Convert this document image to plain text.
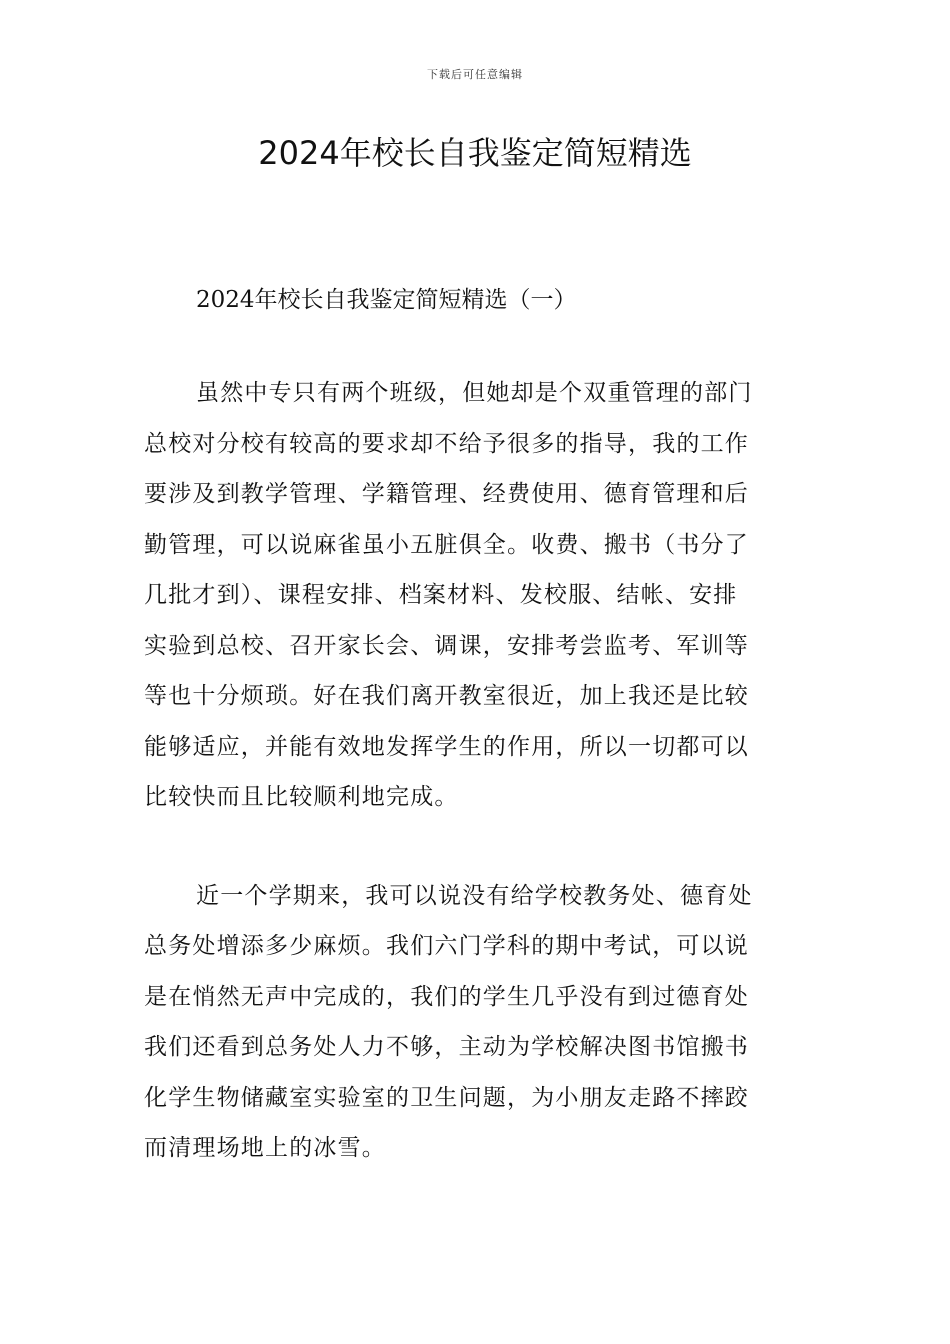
下载后可任意编辑
2024年校长自我鉴定简短精选

2024年校长自我鉴定简短精选（一）

虽然中专只有两个班级，但她却是个双重管理的部门
总校对分校有较高的要求却不给予很多的指导，我的工作
要涉及到教学管理、学籍管理、经费使用、德育管理和后
勤管理，可以说麻雀虽小五脏俱全。收费、搬书（书分了
几批才到）、课程安排、档案材料、发校服、结帐、安排
实验到总校、召开家长会、调课，安排考尝监考、军训等
等也十分烦琐。好在我们离开教室很近，加上我还是比较
能够适应，并能有效地发挥学生的作用，所以一切都可以
比较快而且比较顺利地完成。

近一个学期来，我可以说没有给学校教务处、德育处
总务处增添多少麻烦。我们六门学科的期中考试，可以说
是在悄然无声中完成的，我们的学生几乎没有到过德育处
我们还看到总务处人力不够，主动为学校解决图书馆搬书
化学生物储藏室实验室的卫生问题，为小朋友走路不摔跤
而清理场地上的冰雪。
